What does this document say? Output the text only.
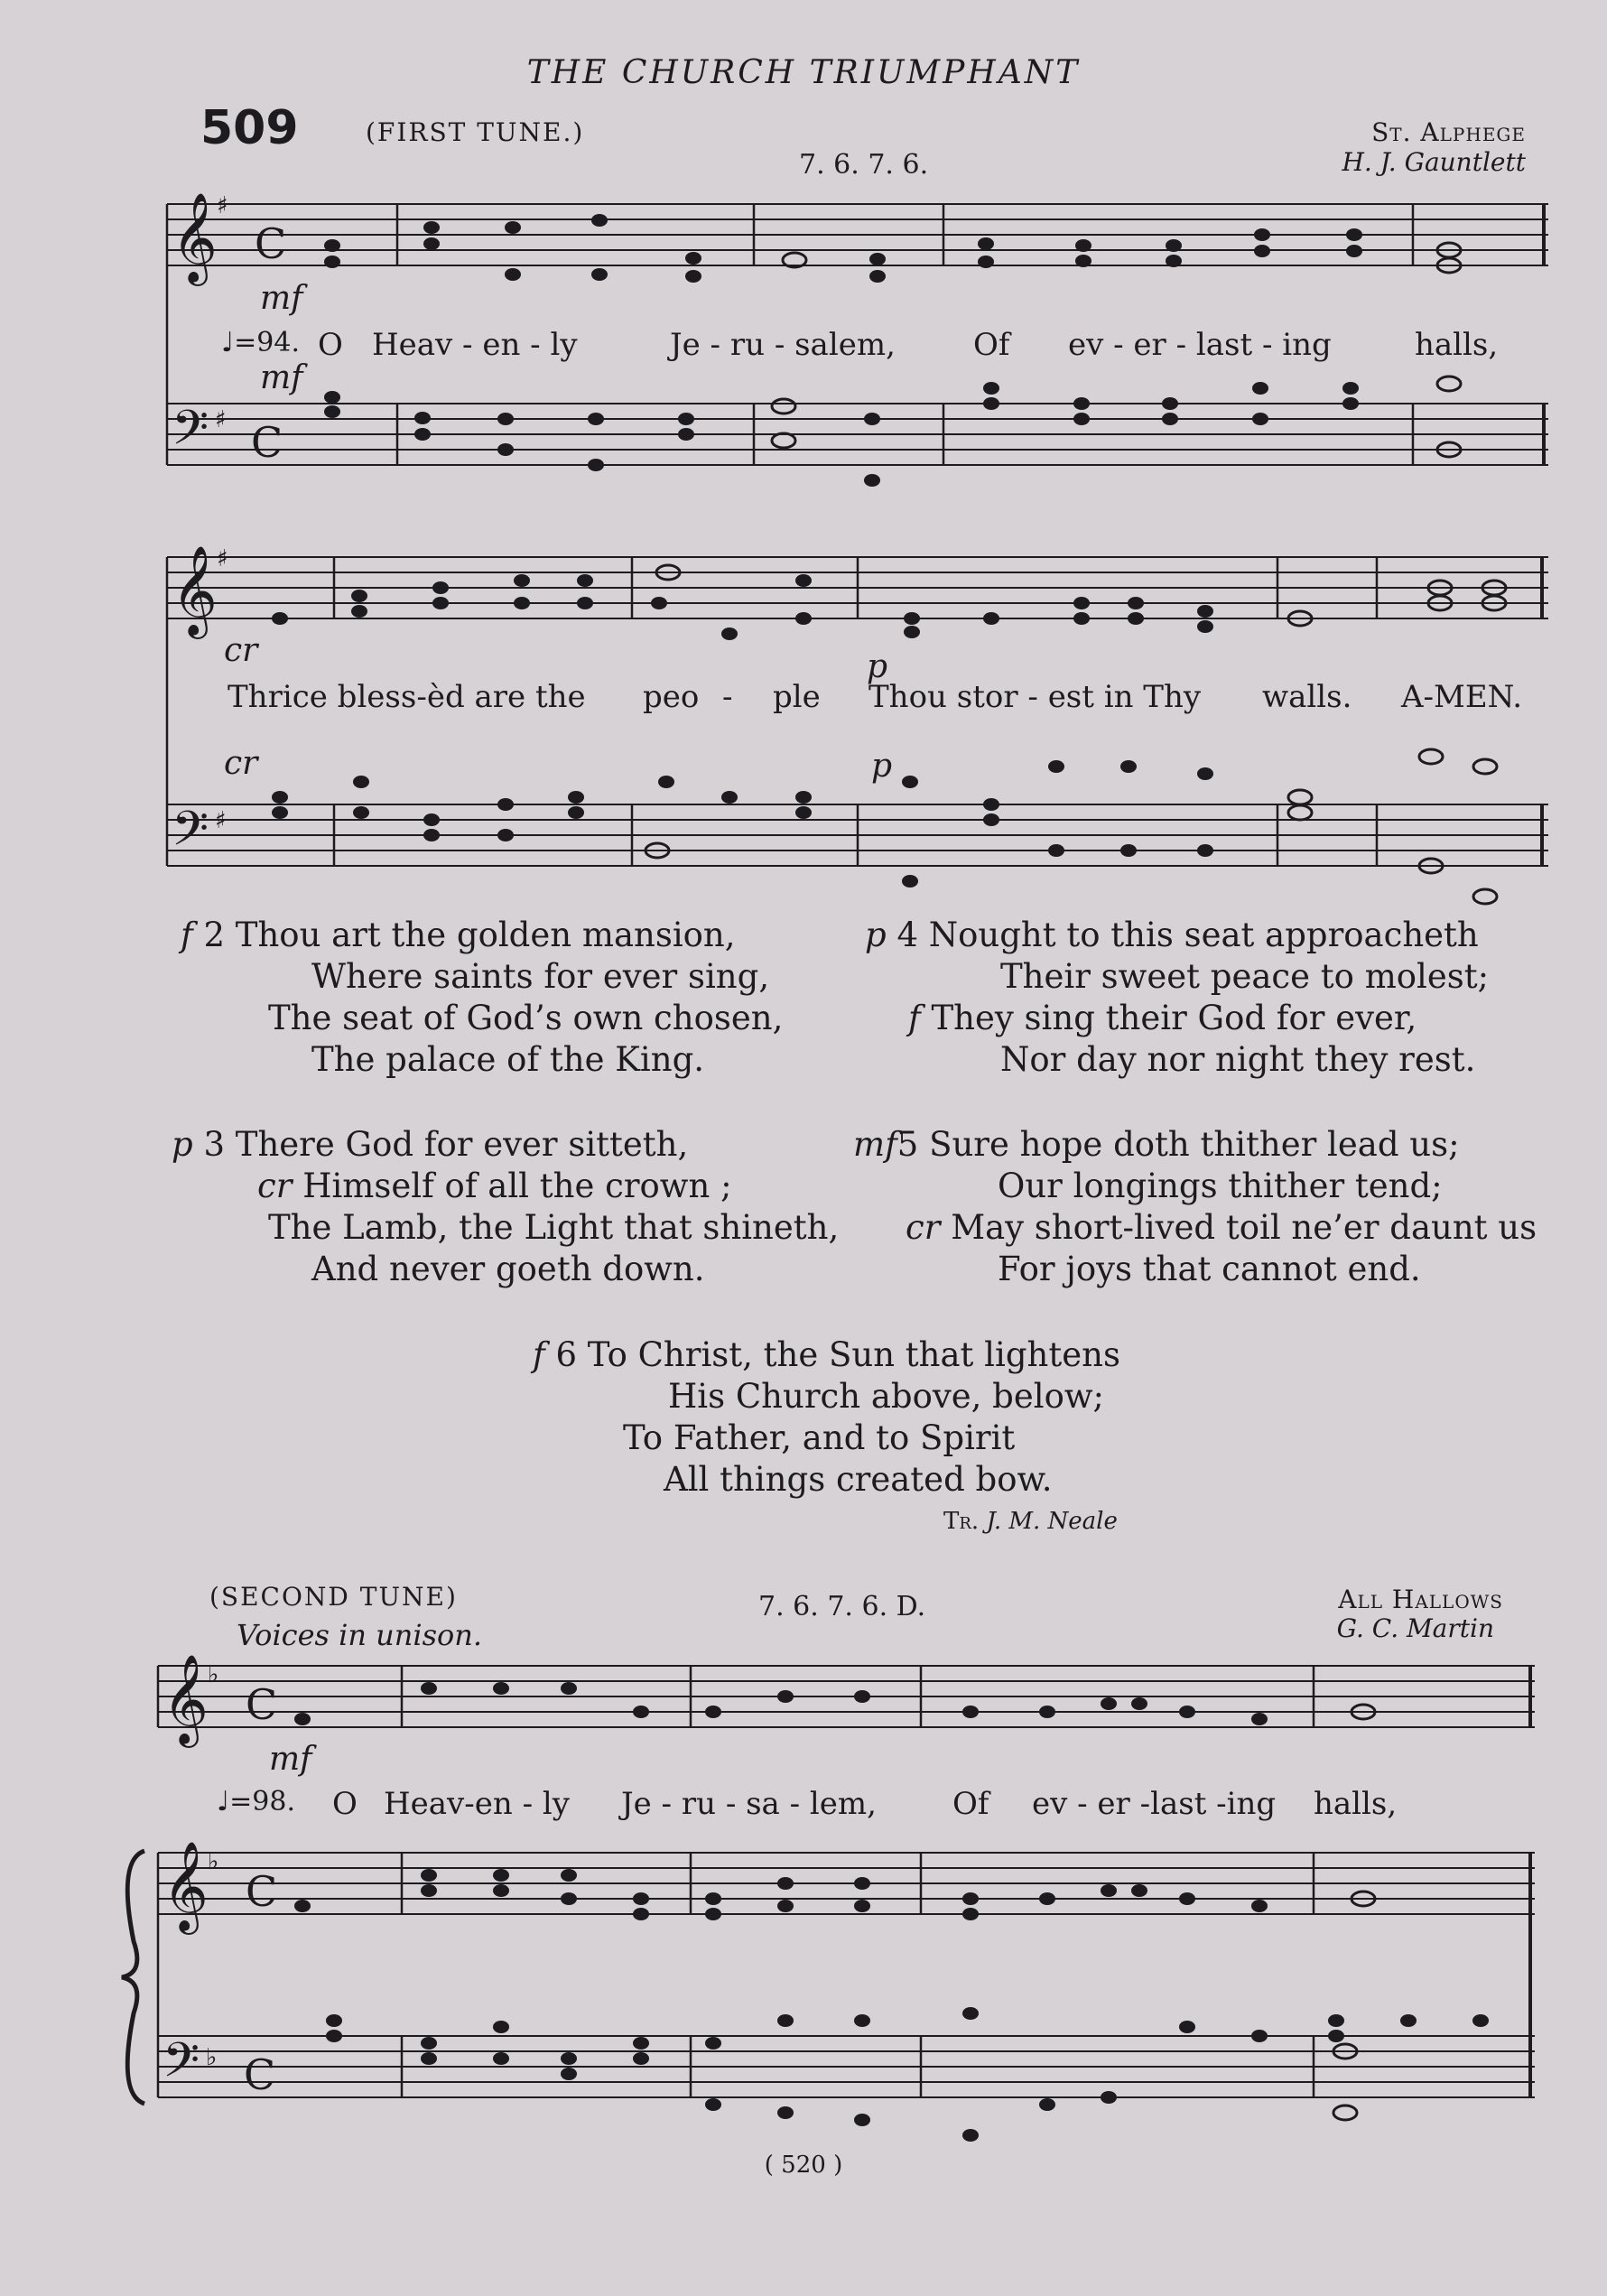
THE CHURCH TRIUMPHANT
509	(FIRST TUNE.)
7. 6. 7. 6.
St. Alphege
H. J. Gauntlett
𝄞
𝄢
𝄞
𝄢
𝄞
𝄞
𝄢
♯
♯
♯
♯
♭
♭
♭
C
C
C
C
C
mf
♩=94.
mf
O Heav - en - ly	Je - ru - salem,	Of ev - er - last - ing	halls,
cr	p
Thrice bless-èd are the peo - ple Thou stor - est in Thy walls. A-MEN.
cr	p
f 2 Thou art the golden mansion,
Where saints for ever sing,
The seat of God’s own chosen,
The palace of the King.
p 3 There God for ever sitteth,
cr Himself of all the crown ;
The Lamb, the Light that shineth,
And never goeth down.
p 4 Nought to this seat approacheth
Their sweet peace to molest;
f They sing their God for ever,
Nor day nor night they rest.
mf5 Sure hope doth thither lead us;
Our longings thither tend;
cr May short-lived toil ne’er daunt us
For joys that cannot end.
f 6 To Christ, the Sun that lightens
His Church above, below;
To Father, and to Spirit
All things created bow.
Tr. J. M. Neale
(SECOND TUNE)
Voices in unison.
7. 6. 7. 6. D.	All Hallows
G. C. Martin
mf
♩=98. O Heav-en - ly Je - ru - sa - lem, Of ev - er -last -ing halls,
( 520 )
